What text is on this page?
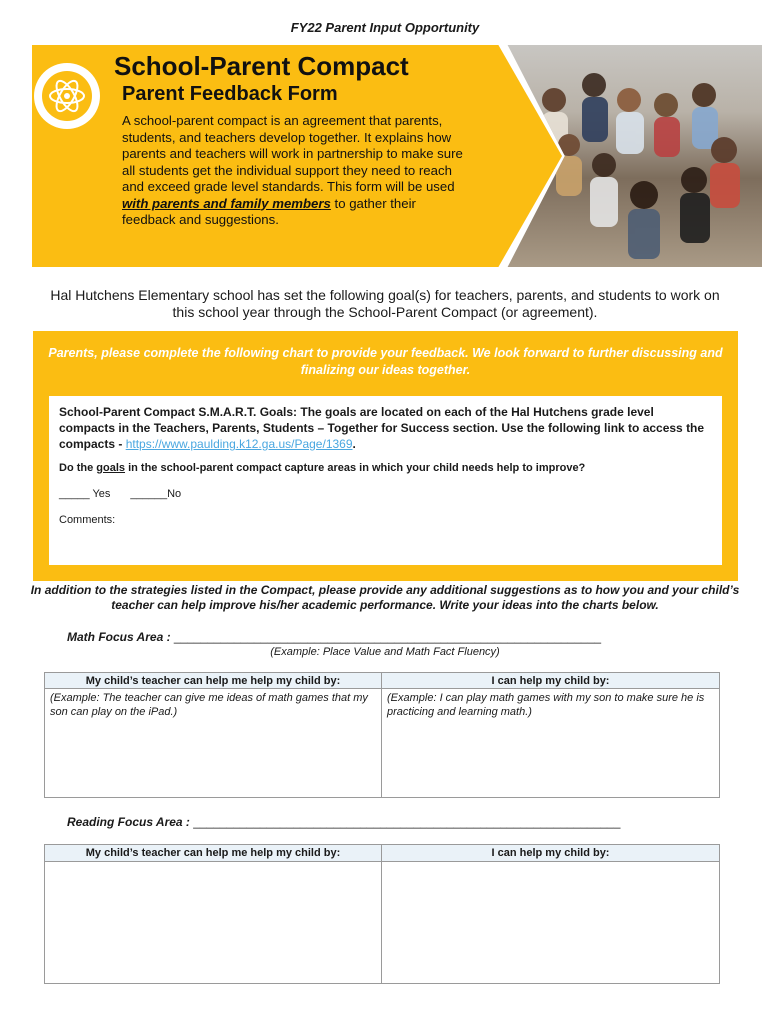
FY22 Parent Input Opportunity
School-Parent Compact
Parent Feedback Form
A school-parent compact is an agreement that parents, students, and teachers develop together. It explains how parents and teachers will work in partnership to make sure all students get the individual support they need to reach and exceed grade level standards. This form will be used with parents and family members to gather their feedback and suggestions.
Hal Hutchens Elementary school has set the following goal(s) for teachers, parents, and students to work on this school year through the School-Parent Compact (or agreement).
Parents, please complete the following chart to provide your feedback. We look forward to further discussing and finalizing our ideas together.
School-Parent Compact S.M.A.R.T. Goals: The goals are located on each of the Hal Hutchens grade level compacts in the Teachers, Parents, Students – Together for Success section. Use the following link to access the compacts - https://www.paulding.k12.ga.us/Page/1369.
Do the goals in the school-parent compact capture areas in which your child needs help to improve?
_____ Yes ______No
Comments:
In addition to the strategies listed in the Compact, please provide any additional suggestions as to how you and your child’s teacher can help improve his/her academic performance. Write your ideas into the charts below.
Math Focus Area : ________________________________________________________________
(Example: Place Value and Math Fact Fluency)
My child’s teacher can help me help my child by:	I can help my child by:
(Example: The teacher can give me ideas of math games that my son can play on the iPad.)
(Example: I can play math games with my son to make sure he is practicing and learning math.)
Reading Focus Area : ________________________________________________________________
My child’s teacher can help me help my child by:	I can help my child by:
